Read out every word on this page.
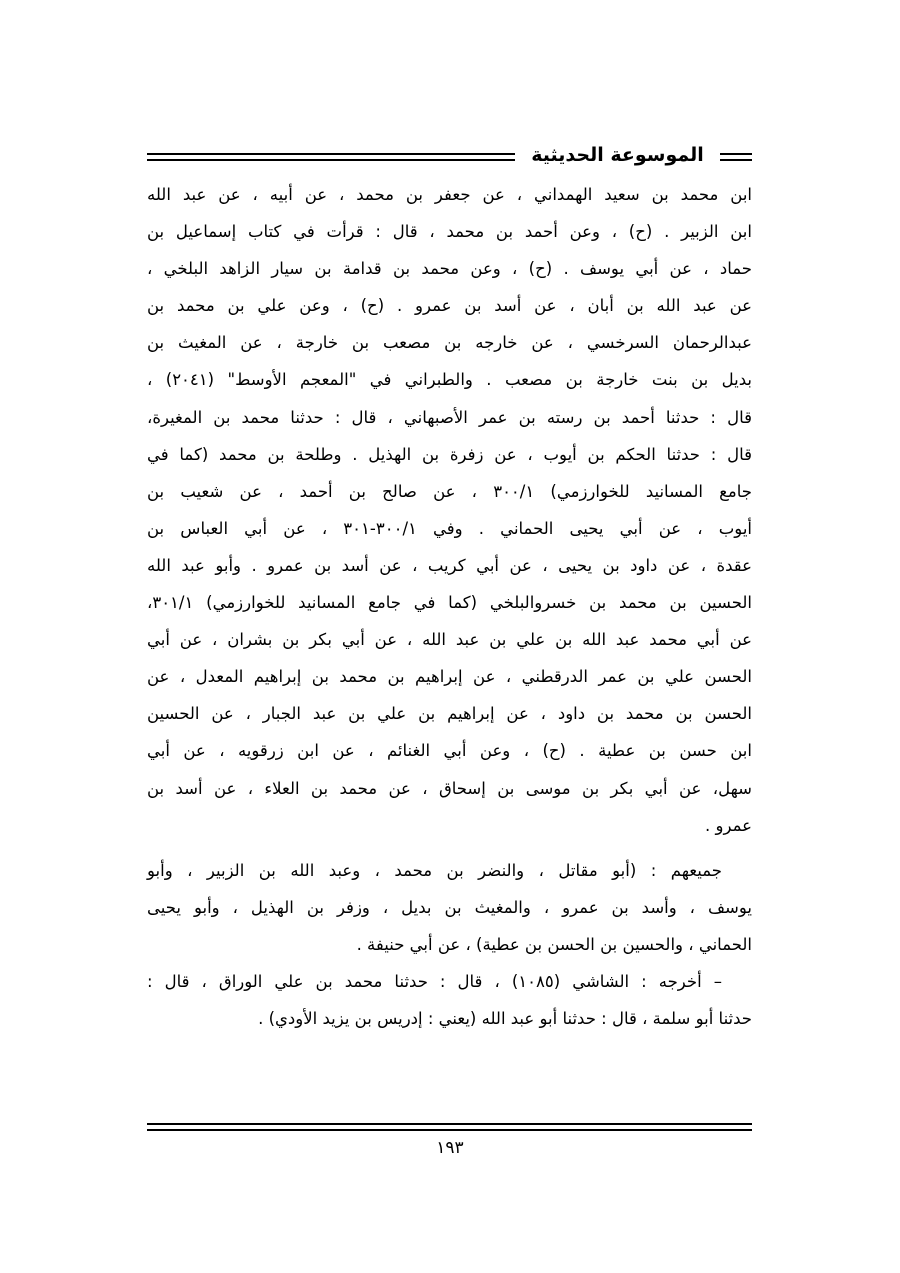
الموسوعة الحديثية
ابن محمد بن سعيد الهمداني ، عن جعفر بن محمد ، عن أبيه ، عن عبد الله
ابن الزبير . (ح) ، وعن أحمد بن محمد ، قال : قرأت في كتاب إسماعيل بن
حماد ، عن أبي يوسف . (ح) ، وعن محمد بن قدامة بن سيار الزاهد البلخي ،
عن عبد الله بن أبان ، عن أسد بن عمرو . (ح) ، وعن علي بن محمد بن
عبدالرحمان السرخسي ، عن خارجه بن مصعب بن خارجة ، عن المغيث بن
بديل بن بنت خارجة بن مصعب . والطبراني في "المعجم الأوسط" (٢٠٤١) ،
قال : حدثنا أحمد بن رسته بن عمر الأصبهاني ، قال : حدثنا محمد بن المغيرة،
قال : حدثنا الحكم بن أيوب ، عن زفرة بن الهذيل . وطلحة بن محمد (كما في
جامع المسانيد للخوارزمي) ٣٠٠/١ ، عن صالح بن أحمد ، عن شعيب بن
أيوب ، عن أبي يحيى الحماني . وفي ٣٠٠/١-٣٠١ ، عن أبي العباس بن
عقدة ، عن داود بن يحيى ، عن أبي كريب ، عن أسد بن عمرو . وأبو عبد الله
الحسين بن محمد بن خسروالبلخي (كما في جامع المسانيد للخوارزمي) ٣٠١/١،
عن أبي محمد عبد الله بن علي بن عبد الله ، عن أبي بكر بن بشران ، عن أبي
الحسن علي بن عمر الدرقطني ، عن إبراهيم بن محمد بن إبراهيم المعدل ، عن
الحسن بن محمد بن داود ، عن إبراهيم بن علي بن عبد الجبار ، عن الحسين
ابن حسن بن عطية . (ح) ، وعن أبي الغنائم ، عن ابن زرقويه ، عن أبي
سهل، عن أبي بكر بن موسى بن إسحاق ، عن محمد بن العلاء ، عن أسد بن
عمرو .
جميعهم : (أبو مقاتل ، والنضر بن محمد ، وعبد الله بن الزبير ، وأبو
يوسف ، وأسد بن عمرو ، والمغيث بن بديل ، وزفر بن الهذيل ، وأبو يحيى
الحماني ، والحسين بن الحسن بن عطية) ، عن أبي حنيفة .
– أخرجه : الشاشي (١٠٨٥) ، قال : حدثنا محمد بن علي الوراق ، قال :
حدثنا أبو سلمة ، قال : حدثنا أبو عبد الله (يعني : إدريس بن يزيد الأودي) .
١٩٣
